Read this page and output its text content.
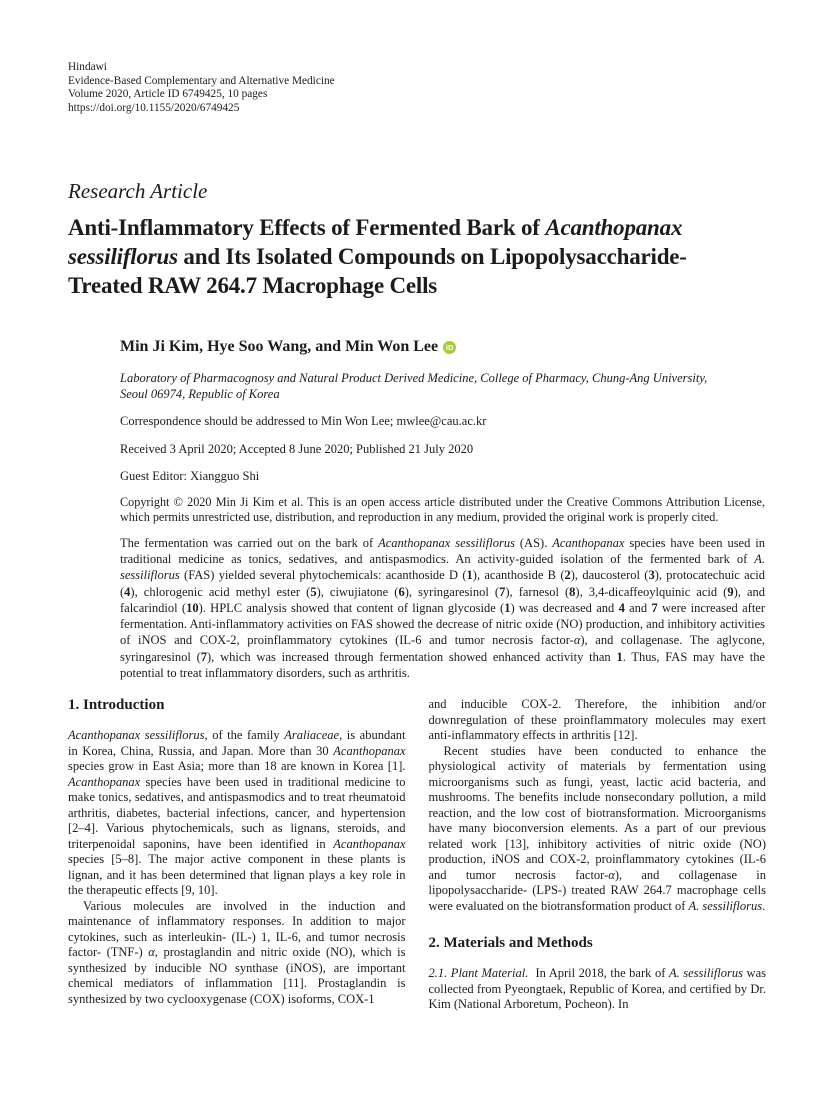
Hindawi
Evidence-Based Complementary and Alternative Medicine
Volume 2020, Article ID 6749425, 10 pages
https://doi.org/10.1155/2020/6749425
Research Article
Anti-Inflammatory Effects of Fermented Bark of Acanthopanax
sessiliflorus and Its Isolated Compounds on Lipopolysaccharide-
Treated RAW 264.7 Macrophage Cells
Min Ji Kim, Hye Soo Wang, and Min Won Lee iD
Laboratory of Pharmacognosy and Natural Product Derived Medicine, College of Pharmacy, Chung-Ang University,
Seoul 06974, Republic of Korea
Correspondence should be addressed to Min Won Lee; mwlee@cau.ac.kr
Received 3 April 2020; Accepted 8 June 2020; Published 21 July 2020
Guest Editor: Xiangguo Shi
Copyright © 2020 Min Ji Kim et al. This is an open access article distributed under the Creative Commons Attribution License, which permits unrestricted use, distribution, and reproduction in any medium, provided the original work is properly cited.
The fermentation was carried out on the bark of Acanthopanax sessiliflorus (AS). Acanthopanax species have been used in traditional medicine as tonics, sedatives, and antispasmodics. An activity-guided isolation of the fermented bark of A. sessiliflorus (FAS) yielded several phytochemicals: acanthoside D (1), acanthoside B (2), daucosterol (3), protocatechuic acid (4), chlorogenic acid methyl ester (5), ciwujiatone (6), syringaresinol (7), farnesol (8), 3,4-dicaffeoylquinic acid (9), and falcarindiol (10). HPLC analysis showed that content of lignan glycoside (1) was decreased and 4 and 7 were increased after fermentation. Anti-inflammatory activities on FAS showed the decrease of nitric oxide (NO) production, and inhibitory activities of iNOS and COX-2, proinflammatory cytokines (IL-6 and tumor necrosis factor-α), and collagenase. The aglycone, syringaresinol (7), which was increased through fermentation showed enhanced activity than 1. Thus, FAS may have the potential to treat inflammatory disorders, such as arthritis.
1. Introduction

Acanthopanax sessiliflorus, of the family Araliaceae, is abundant in Korea, China, Russia, and Japan. More than 30 Acanthopanax species grow in East Asia; more than 18 are known in Korea [1]. Acanthopanax species have been used in traditional medicine to make tonics, sedatives, and antispasmodics and to treat rheumatoid arthritis, diabetes, bacterial infections, cancer, and hypertension [2–4]. Various phytochemicals, such as lignans, steroids, and triterpenoidal saponins, have been identified in Acanthopanax species [5–8]. The major active component in these plants is lignan, and it has been determined that lignan plays a key role in the therapeutic effects [9, 10].

Various molecules are involved in the induction and maintenance of inflammatory responses. In addition to major cytokines, such as interleukin- (IL-) 1, IL-6, and tumor necrosis factor- (TNF-) α, prostaglandin and nitric oxide (NO), which is synthesized by inducible NO synthase (iNOS), are important chemical mediators of inflammation [11]. Prostaglandin is synthesized by two cyclooxygenase (COX) isoforms, COX-1

and inducible COX-2. Therefore, the inhibition and/or downregulation of these proinflammatory molecules may exert anti-inflammatory effects in arthritis [12].

Recent studies have been conducted to enhance the physiological activity of materials by fermentation using microorganisms such as fungi, yeast, lactic acid bacteria, and mushrooms. The benefits include nonsecondary pollution, a mild reaction, and the low cost of biotransformation. Microorganisms have many bioconversion elements. As a part of our previous related work [13], inhibitory activities of nitric oxide (NO) production, iNOS and COX-2, proinflammatory cytokines (IL-6 and tumor necrosis factor-α), and collagenase in lipopolysaccharide- (LPS-) treated RAW 264.7 macrophage cells were evaluated on the biotransformation product of A. sessiliflorus.

2. Materials and Methods

2.1. Plant Material.  In April 2018, the bark of A. sessiliflorus was collected from Pyeongtaek, Republic of Korea, and certified by Dr. Kim (National Arboretum, Pocheon). In
